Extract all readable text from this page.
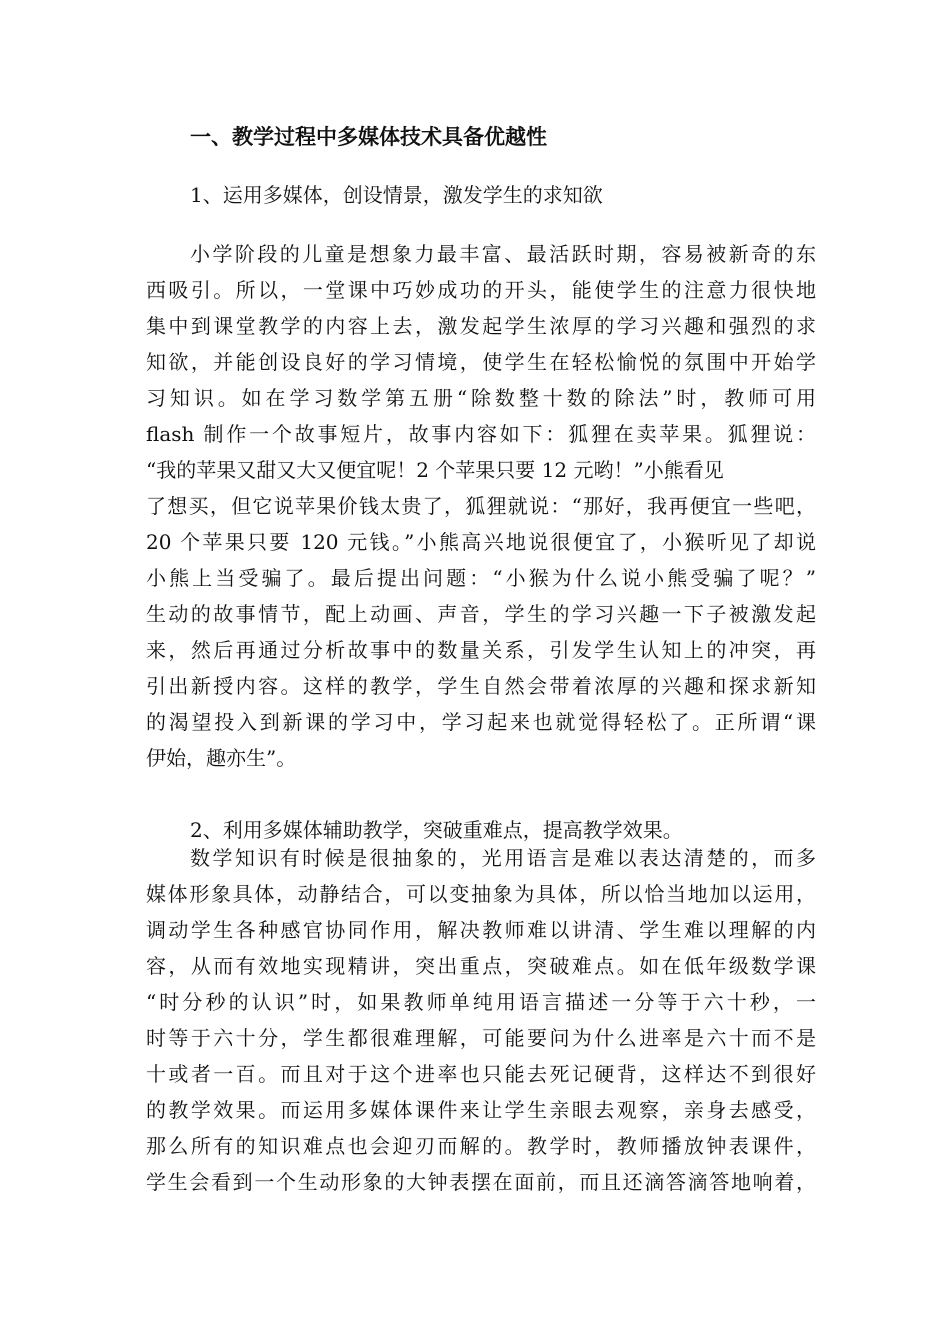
一、教学过程中多媒体技术具备优越性
1、运用多媒体，创设情景，激发学生的求知欲
小学阶段的儿童是想象力最丰富、最活跃时期，容易被新奇的东
西吸引。所以，一堂课中巧妙成功的开头，能使学生的注意力很快地
集中到课堂教学的内容上去，激发起学生浓厚的学习兴趣和强烈的求
知欲，并能创设良好的学习情境，使学生在轻松愉悦的氛围中开始学
习知识。如在学习数学第五册“除数整十数的除法”时，教师可用
flash 制作一个故事短片，故事内容如下：狐狸在卖苹果。狐狸说：
“我的苹果又甜又大又便宜呢！2 个苹果只要 12 元哟！”小熊看见
了想买，但它说苹果价钱太贵了，狐狸就说：“那好，我再便宜一些吧，
20 个苹果只要 120 元钱。”小熊高兴地说很便宜了，小猴听见了却说
小熊上当受骗了。最后提出问题：“小猴为什么说小熊受骗了呢？”
生动的故事情节，配上动画、声音，学生的学习兴趣一下子被激发起
来，然后再通过分析故事中的数量关系，引发学生认知上的冲突，再
引出新授内容。这样的教学，学生自然会带着浓厚的兴趣和探求新知
的渴望投入到新课的学习中，学习起来也就觉得轻松了。正所谓“课
伊始，趣亦生”。
2、利用多媒体辅助教学，突破重难点，提高教学效果。
数学知识有时候是很抽象的，光用语言是难以表达清楚的，而多
媒体形象具体，动静结合，可以变抽象为具体，所以恰当地加以运用，
调动学生各种感官协同作用，解决教师难以讲清、学生难以理解的内
容，从而有效地实现精讲，突出重点，突破难点。如在低年级数学课
“时分秒的认识”时，如果教师单纯用语言描述一分等于六十秒，一
时等于六十分，学生都很难理解，可能要问为什么进率是六十而不是
十或者一百。而且对于这个进率也只能去死记硬背，这样达不到很好
的教学效果。而运用多媒体课件来让学生亲眼去观察，亲身去感受，
那么所有的知识难点也会迎刃而解的。教学时，教师播放钟表课件，
学生会看到一个生动形象的大钟表摆在面前，而且还滴答滴答地响着，
